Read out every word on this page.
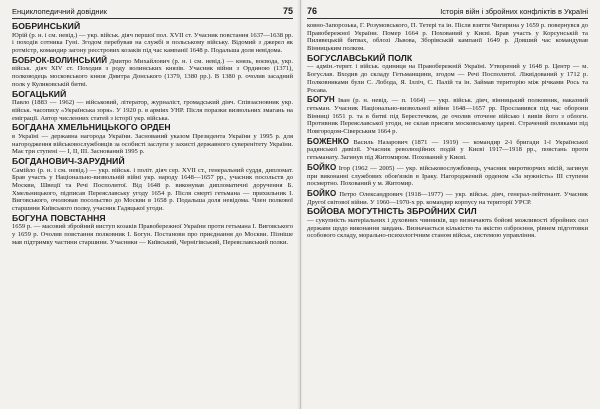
Енциклопедичний довідник	75
БОБРИНСЬКИЙ
Юрій (р. н. і см. невід.) — укр. військ. діяч першої пол. XVII ст. Учасник повстання 1637—1638 рр. і походів сотника Гуні. Згодом перебував на службі в польському війську. Відомий з джерел як ротмістр, командир загону реєстрових козаків під час кампанії 1648 р. Подальша доля невідома.
БОБРОК-ВОЛИНСЬКИЙ Дмитро Михайлович (р. н. і см. невід.) — князь, воєвода, укр. військ. діяч XIV ст. Походив з роду волинських князів. Учасник війни з Ординою (1371), полководець московського князя Дмитра Донського (1379, 1380 рр.). В 1380 р. очолив засадний полк у Куликовській битві.
БОГАЦЬКИЙ
Павло (1883 — 1962) — військовий, літератор, журналіст, громадський діяч. Співзасновник укр. військ. часопису «Українська зоря». У 1920 р. в арміях УНР. Після поразки визвольних змагань на еміграції. Автор численних статей з історії укр. війська.
БОГДАНА ХМЕЛЬНИЦЬКОГО ОРДЕН
в Україні — державна нагорода України. Заснований указом Президента України у 1995 р. для нагородження військовослужбовців за особисті заслуги у захисті державного суверенітету України. Має три ступені — І, ІІ, ІІІ. Заснований 1995 р.
БОГДАНОВИЧ-ЗАРУДНИЙ
Самійло (р. н. і см. невід.) — укр. військ. і політ. діяч сер. XVII ст., генеральний суддя, дипломат. Брав участь у Національно-визвольній війні укр. народу 1648—1657 рр., учасник посольств до Москви, Швеції та Речі Посполитої. Від 1648 р. виконував дипломатичні доручення Б. Хмельницького, підписав Переяславську угоду 1654 р. Після смерті гетьмана — прихильник І. Виговського, очолював посольство до Москви в 1658 р. Подальша доля невідома. Член полкової старшини Київського полку, учасник Гадяцької угоди.
БОГУНА ПОВСТАННЯ
1659 р. — масовий збройний виступ козаків Правобережної України проти гетьмана І. Виговського у 1659 р. Очолив повстання полковник І. Богун. Постанови про приєднання до Москви. Пізніше мав підтримку частини старшини. Учасники — Київський, Чернігівський, Переяславський полки.
76	Історія війн і збройних конфліктів в Україні
ковно-Запорозька, Г. Розумовського, П. Тетері та ін. Після взяття Чигирина у 1659 р. повернувся до Правобережної України. Помер 1664 р. Похований у Києві. Брав участь у Корсунській та Пилявецькій битвах, облозі Львова, Зборівській кампанії 1649 р. Довший час командував Вінницьким полком.
БОГУСЛАВСЬКИЙ ПОЛК
— адмін.-терит. і військ. одиниця на Правобережній Україні. Утворений у 1648 р. Центр — м. Богуслав. Входив до складу Гетьманщини, згодом — Речі Посполитої. Ліквідований у 1712 р. Полковниками були С. Лобода, Я. Ілліч, С. Палій та ін. Займав територію між річками Рось та Росава.
БОГУН Іван (р. н. невід. — п. 1664) — укр. військ. діяч, вінницький полковник, наказний гетьман. Учасник Національно-визвольної війни 1648—1657 рр. Прославився під час оборони Вінниці 1651 р. та в битві під Берестечком, де очолив оточене військо і вивів його з облоги. Противник Переяславської угоди, не склав присяги московському цареві. Страчений поляками під Новгородом-Сіверським 1664 р.
БОЖЕНКО Василь Назарович (1871 — 1919) — командир 2-ї бригади 1-ї Української радянської дивізії. Учасник революційних подій у Києві 1917—1918 рр., повстань проти гетьманату. Загинув під Житомиром. Похований у Києві.
БОЙКО Ігор (1962 — 2005) — укр. військовослужбовець, учасник миротворчих місій, загинув при виконанні службових обов'язків в Іраку. Нагороджений орденом «За мужність» ІІІ ступеня посмертно. Похований у м. Житомир.
БОЙКО Петро Олександрович (1918—1977) — укр. військ. діяч, генерал-лейтенант. Учасник Другої світової війни. У 1960—1970-х рр. командир корпусу на території УРСР.
БОЙОВА МОГУТНІСТЬ ЗБРОЙНИХ СИЛ
— сукупність матеріальних і духовних чинників, що визначають бойові можливості збройних сил держави щодо виконання завдань. Визначається кількістю та якістю озброєння, рівнем підготовки особового складу, морально-психологічним станом військ, системою управління.
